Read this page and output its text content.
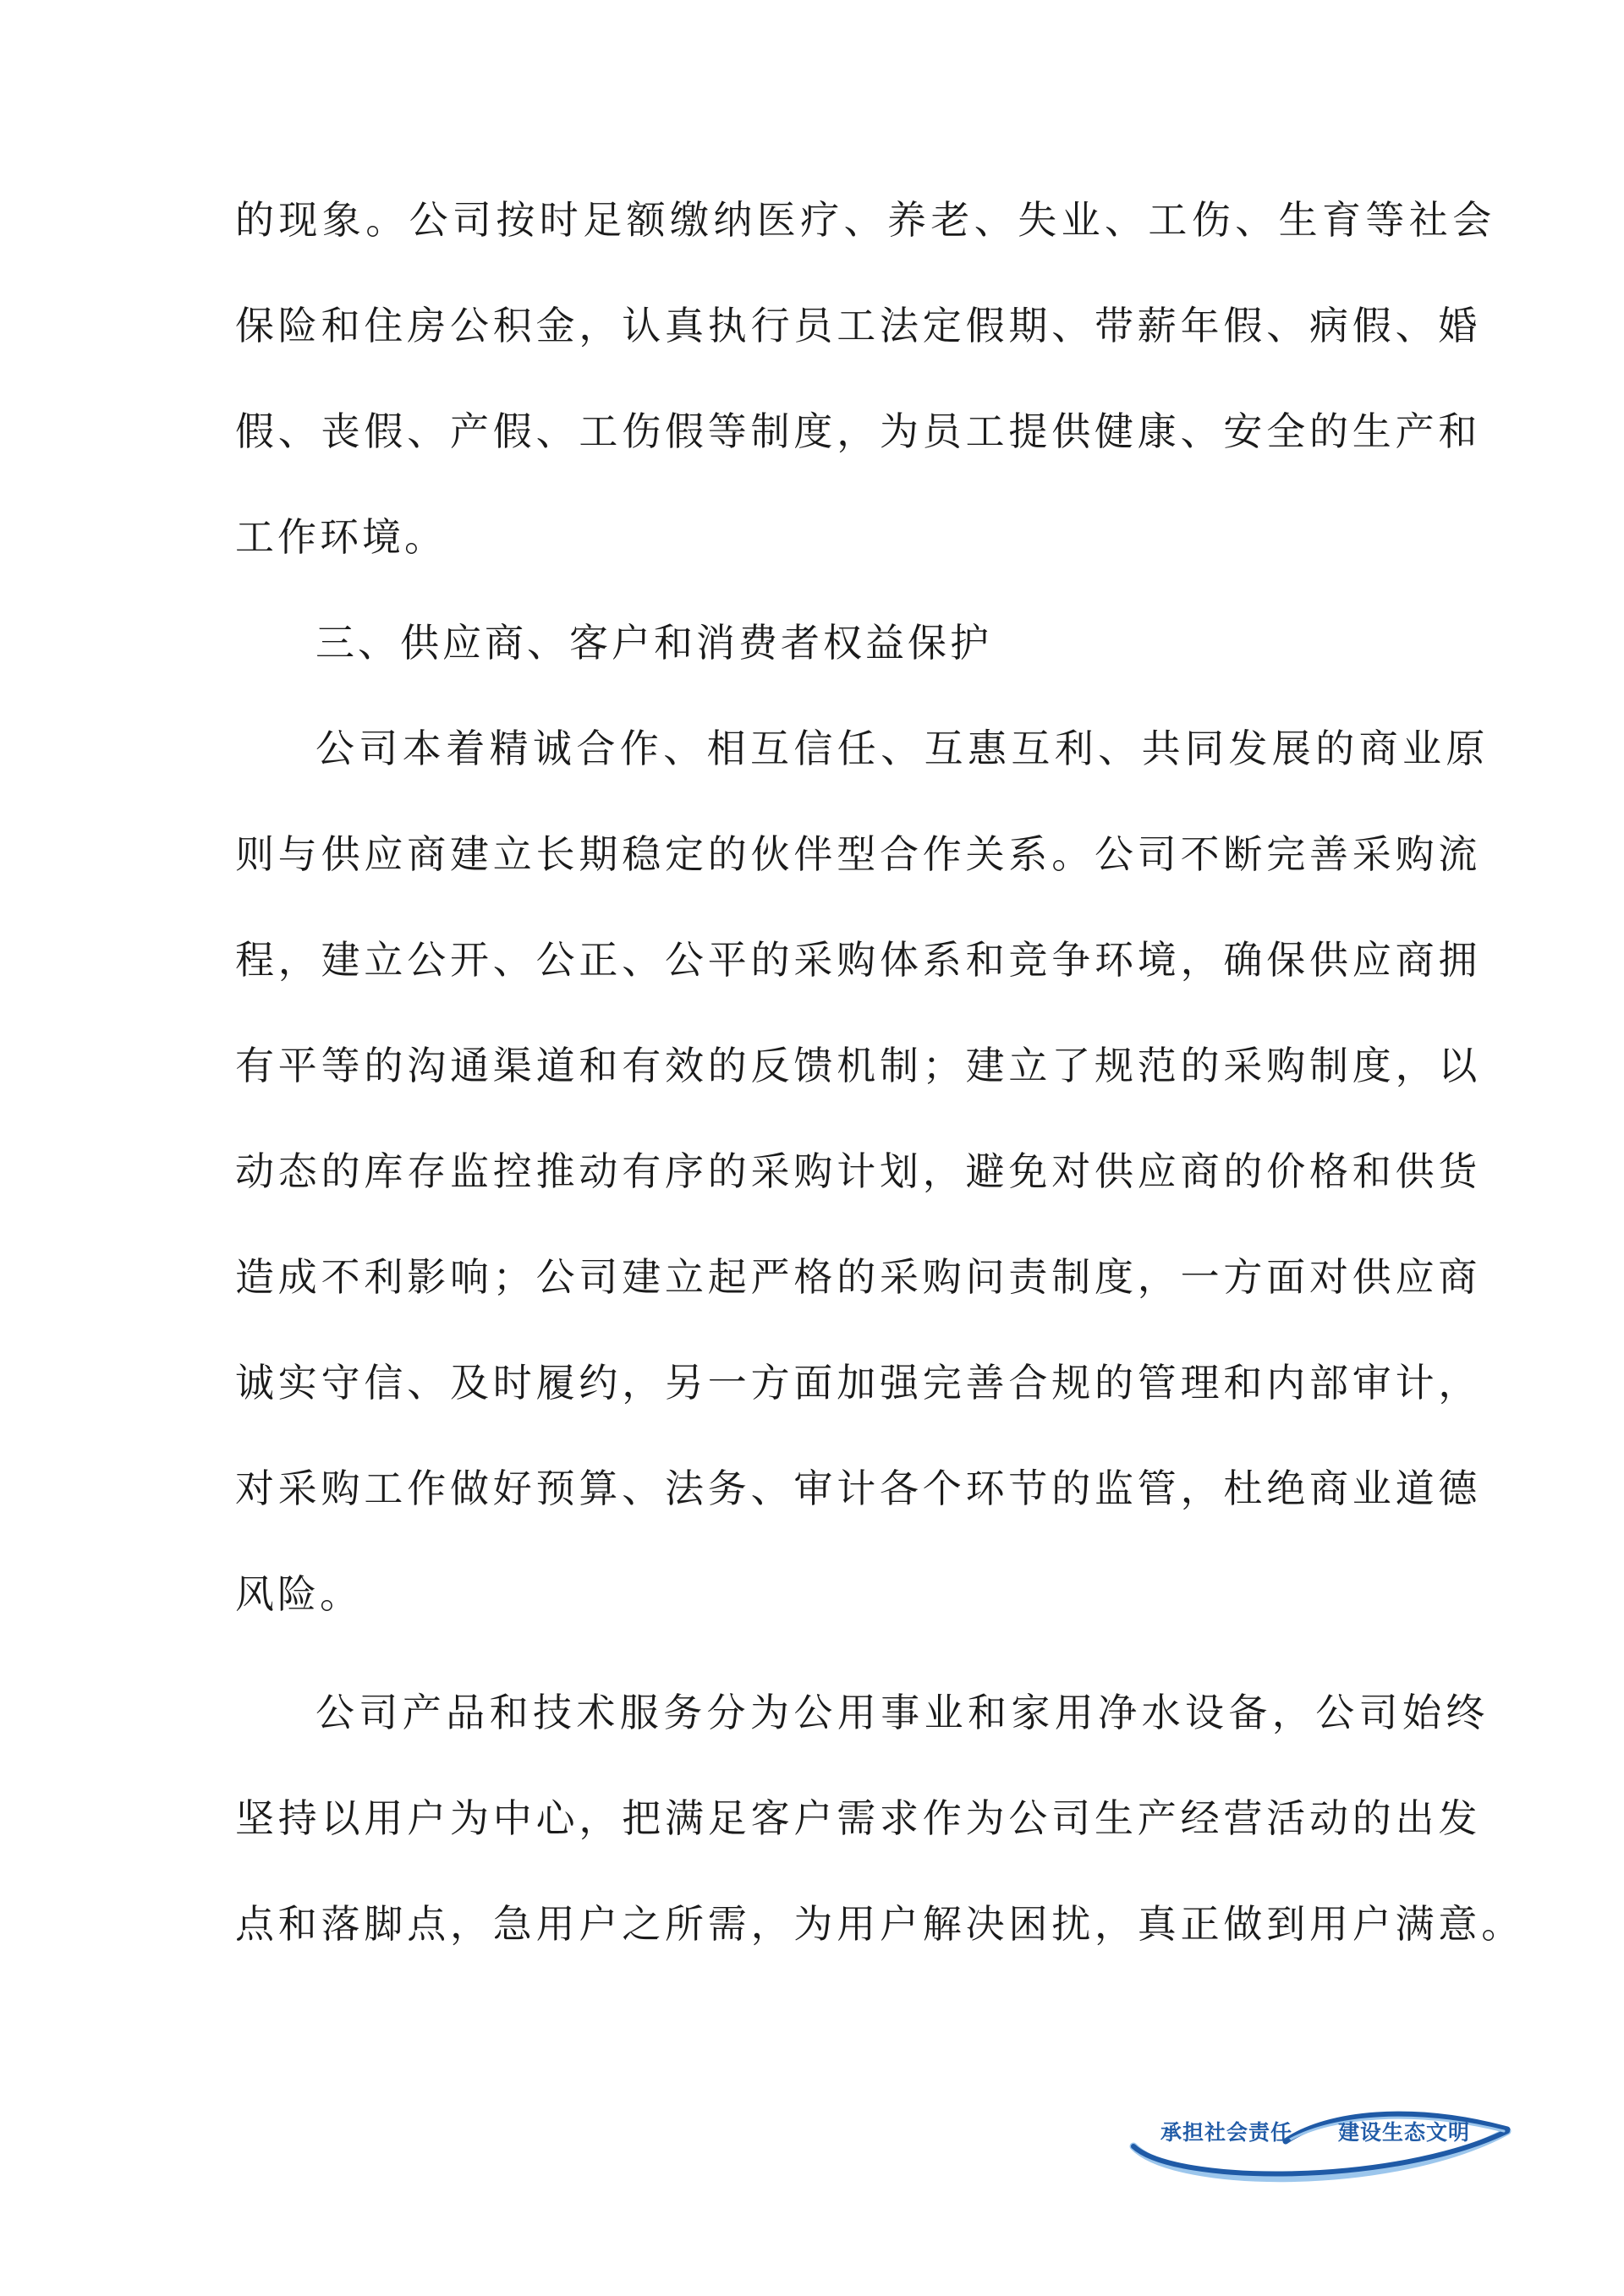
的现象。公司按时足额缴纳医疗、养老、失业、工伤、生育等社会
保险和住房公积金，认真执行员工法定假期、带薪年假、病假、婚
假、丧假、产假、工伤假等制度，为员工提供健康、安全的生产和
工作环境。
三、供应商、客户和消费者权益保护
公司本着精诚合作、相互信任、互惠互利、共同发展的商业原
则与供应商建立长期稳定的伙伴型合作关系。公司不断完善采购流
程，建立公开、公正、公平的采购体系和竞争环境，确保供应商拥
有平等的沟通渠道和有效的反馈机制；建立了规范的采购制度，以
动态的库存监控推动有序的采购计划，避免对供应商的价格和供货
造成不利影响；公司建立起严格的采购问责制度，一方面对供应商
诚实守信、及时履约，另一方面加强完善合规的管理和内部审计，
对采购工作做好预算、法务、审计各个环节的监管，杜绝商业道德
风险。
公司产品和技术服务分为公用事业和家用净水设备，公司始终
坚持以用户为中心，把满足客户需求作为公司生产经营活动的出发
点和落脚点，急用户之所需，为用户解决困扰，真正做到用户满意。
承担社会责任 建设生态文明
